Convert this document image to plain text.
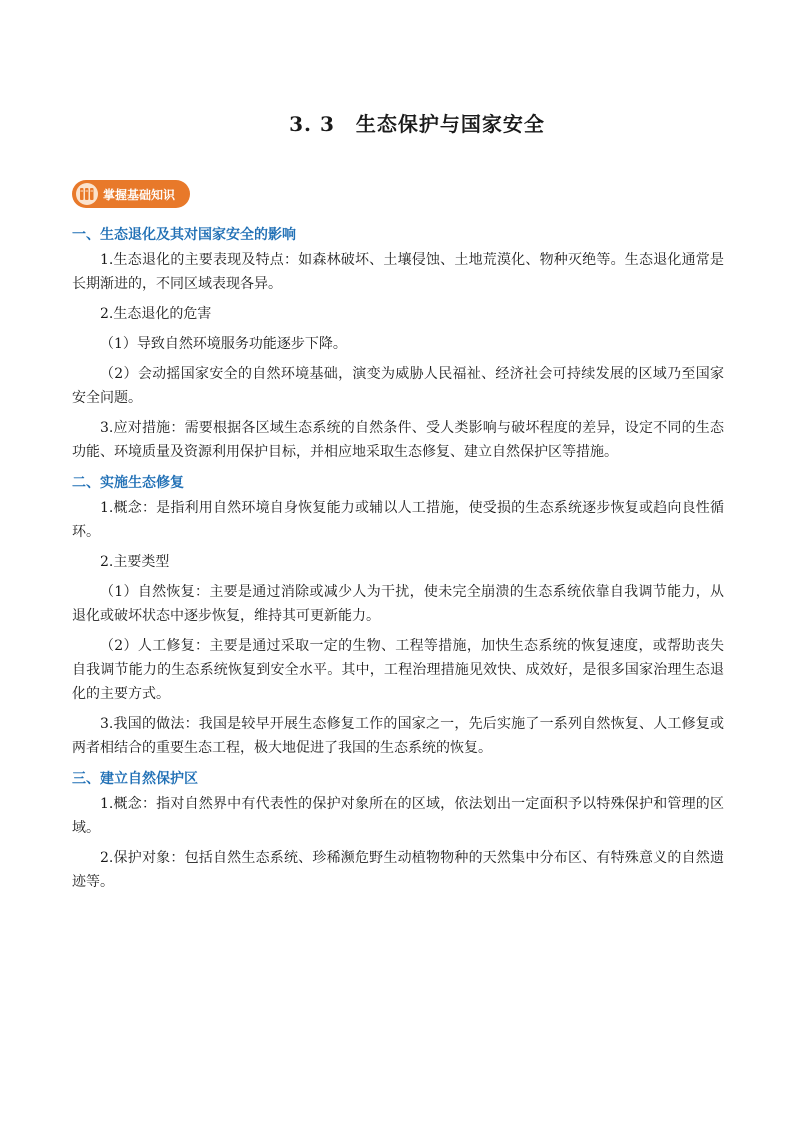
3. 3　生态保护与国家安全
掌握基础知识

一、生态退化及其对国家安全的影响

1.生态退化的主要表现及特点：如森林破坏、土壤侵蚀、土地荒漠化、物种灭绝等。生态退化通常是长期渐进的，不同区域表现各异。

2.生态退化的危害

（1）导致自然环境服务功能逐步下降。

（2）会动摇国家安全的自然环境基础，演变为威胁人民福祉、经济社会可持续发展的区域乃至国家安全问题。

3.应对措施：需要根据各区域生态系统的自然条件、受人类影响与破坏程度的差异，设定不同的生态功能、环境质量及资源利用保护目标，并相应地采取生态修复、建立自然保护区等措施。

二、实施生态修复

1.概念：是指利用自然环境自身恢复能力或辅以人工措施，使受损的生态系统逐步恢复或趋向良性循环。

2.主要类型

（1）自然恢复：主要是通过消除或减少人为干扰，使未完全崩溃的生态系统依靠自我调节能力，从退化或破坏状态中逐步恢复，维持其可更新能力。

（2）人工修复：主要是通过采取一定的生物、工程等措施，加快生态系统的恢复速度，或帮助丧失自我调节能力的生态系统恢复到安全水平。其中，工程治理措施见效快、成效好，是很多国家治理生态退化的主要方式。

3.我国的做法：我国是较早开展生态修复工作的国家之一，先后实施了一系列自然恢复、人工修复或两者相结合的重要生态工程，极大地促进了我国的生态系统的恢复。

三、建立自然保护区

1.概念：指对自然界中有代表性的保护对象所在的区域，依法划出一定面积予以特殊保护和管理的区域。

2.保护对象：包括自然生态系统、珍稀濒危野生动植物物种的天然集中分布区、有特殊意义的自然遗迹等。
